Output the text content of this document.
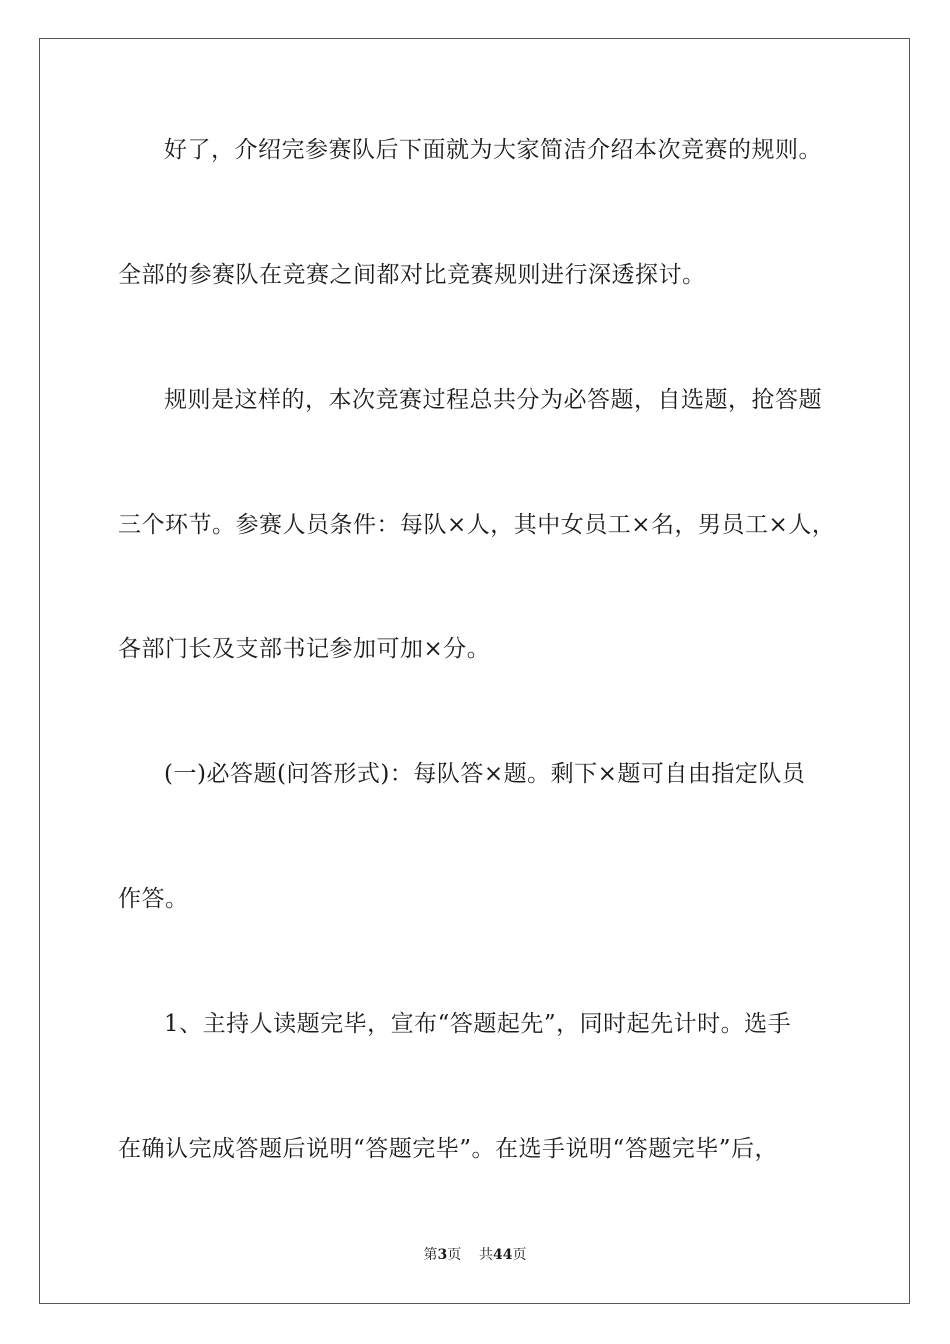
好了，介绍完参赛队后下面就为大家简洁介绍本次竞赛的规则。
全部的参赛队在竞赛之间都对比竞赛规则进行深透探讨。
规则是这样的，本次竞赛过程总共分为必答题，自选题，抢答题
三个环节。参赛人员条件：每队×人，其中女员工×名，男员工×人，
各部门长及支部书记参加可加×分。
(一)必答题(问答形式)：每队答×题。剩下×题可自由指定队员
作答。
1、主持人读题完毕，宣布“答题起先”，同时起先计时。选手
在确认完成答题后说明“答题完毕”。在选手说明“答题完毕”后，
第3页 共44页
